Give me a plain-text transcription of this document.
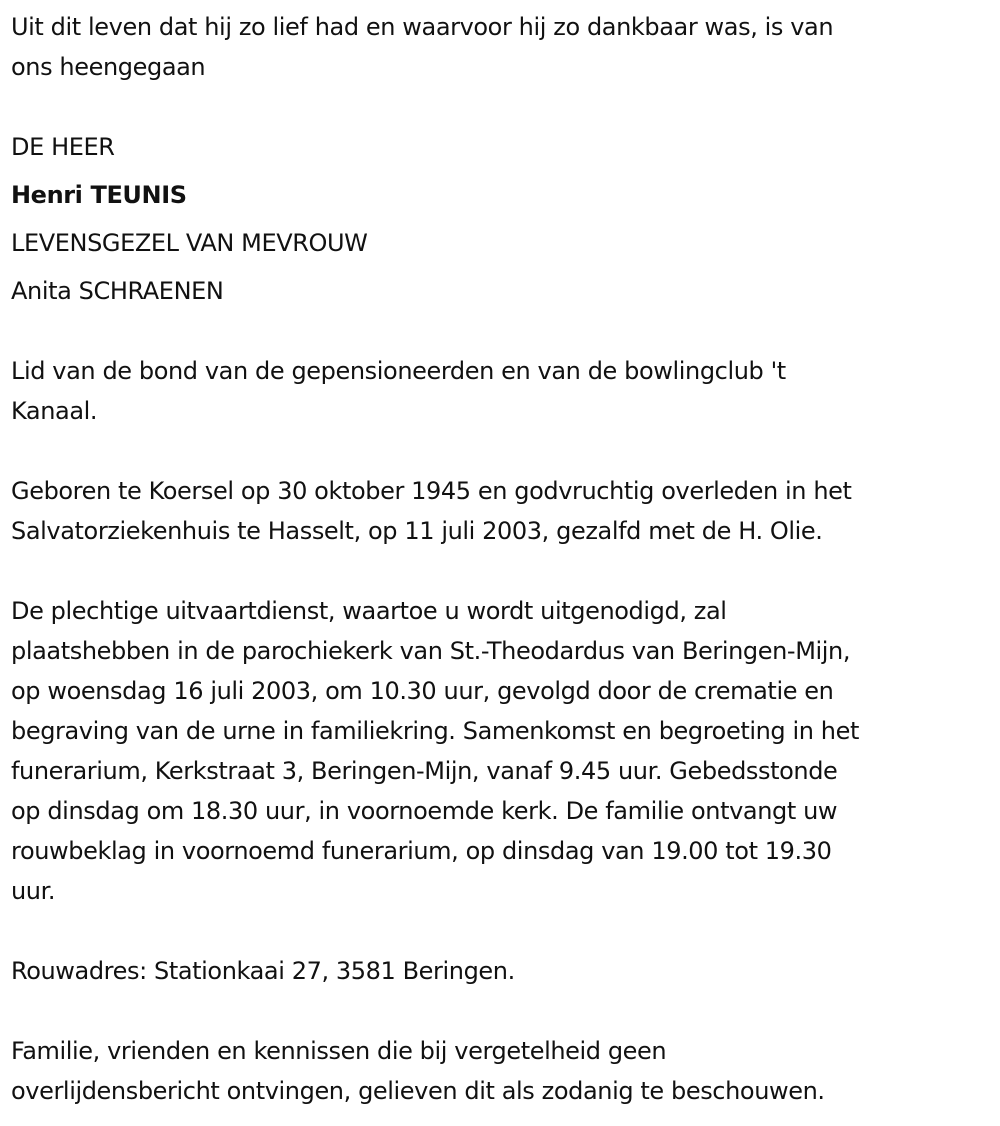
Uit dit leven dat hij zo lief had en waarvoor hij zo dankbaar was, is van

ons heengegaan

DE HEER

Henri TEUNIS

LEVENSGEZEL VAN MEVROUW

Anita SCHRAENEN

Lid van de bond van de gepensioneerden en van de bowlingclub 't

Kanaal.

Geboren te Koersel op 30 oktober 1945 en godvruchtig overleden in het

Salvatorziekenhuis te Hasselt, op 11 juli 2003, gezalfd met de H. Olie.

De plechtige uitvaartdienst, waartoe u wordt uitgenodigd, zal

plaatshebben in de parochiekerk van St.-Theodardus van Beringen-Mijn,

op woensdag 16 juli 2003, om 10.30 uur, gevolgd door de crematie en

begraving van de urne in familiekring. Samenkomst en begroeting in het

funerarium, Kerkstraat 3, Beringen-Mijn, vanaf 9.45 uur. Gebedsstonde

op dinsdag om 18.30 uur, in voornoemde kerk. De familie ontvangt uw

rouwbeklag in voornoemd funerarium, op dinsdag van 19.00 tot 19.30

uur.

Rouwadres: Stationkaai 27, 3581 Beringen.

Familie, vrienden en kennissen die bij vergetelheid geen

overlijdensbericht ontvingen, gelieven dit als zodanig te beschouwen.
